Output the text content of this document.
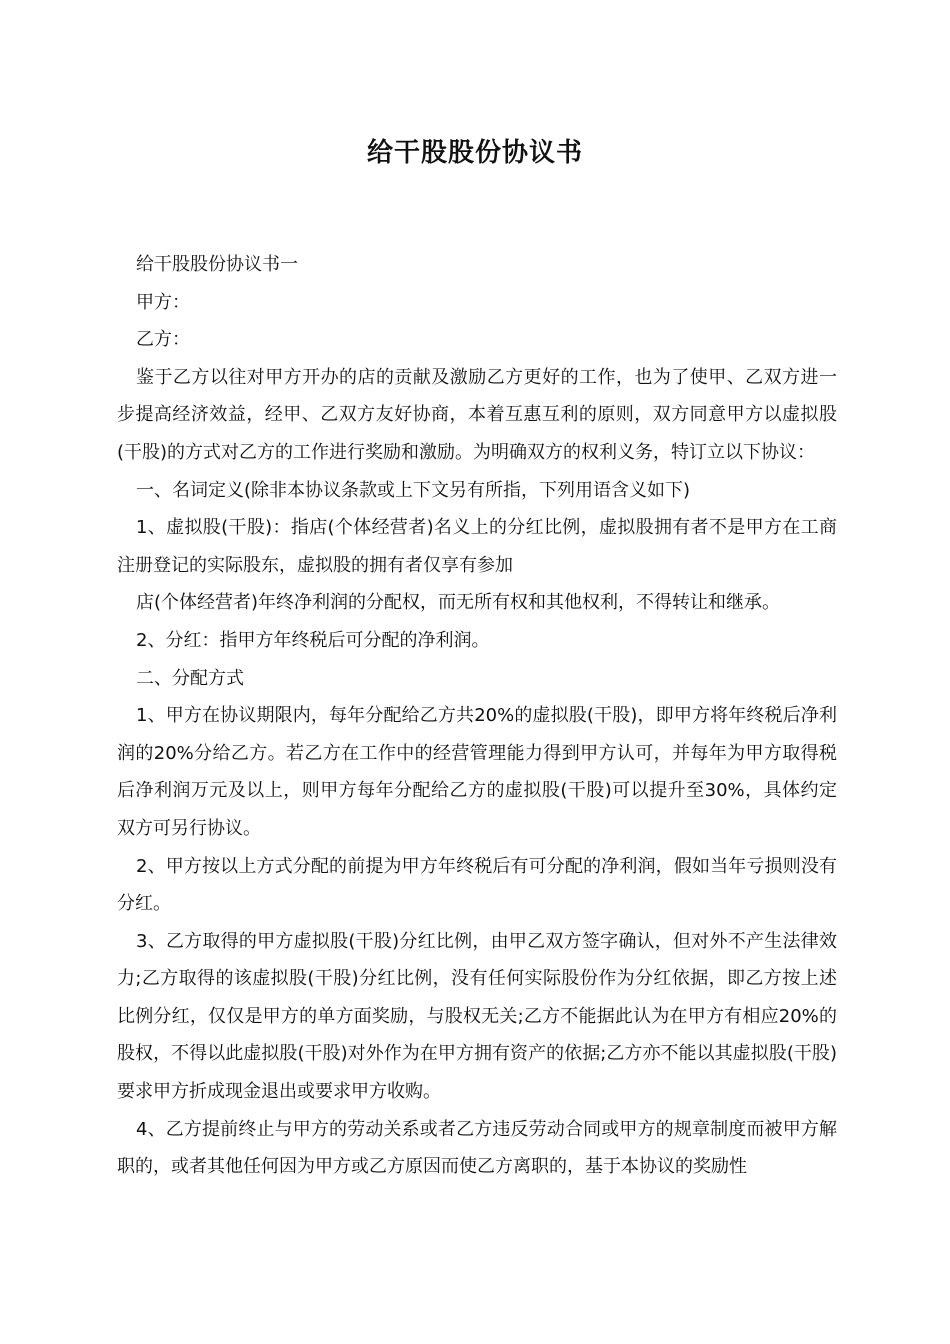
给干股股份协议书

给干股股份协议书一

甲方：

乙方：

鉴于乙方以往对甲方开办的店的贡献及激励乙方更好的工作，也为了使甲、乙双方进一步提高经济效益，经甲、乙双方友好协商，本着互惠互利的原则，双方同意甲方以虚拟股(干股)的方式对乙方的工作进行奖励和激励。为明确双方的权利义务，特订立以下协议：

一、名词定义(除非本协议条款或上下文另有所指，下列用语含义如下)

1、虚拟股(干股)：指店(个体经营者)名义上的分红比例，虚拟股拥有者不是甲方在工商注册登记的实际股东，虚拟股的拥有者仅享有参加

店(个体经营者)年终净利润的分配权，而无所有权和其他权利，不得转让和继承。

2、分红：指甲方年终税后可分配的净利润。

二、分配方式

1、甲方在协议期限内，每年分配给乙方共20%的虚拟股(干股)，即甲方将年终税后净利润的20%分给乙方。若乙方在工作中的经营管理能力得到甲方认可，并每年为甲方取得税后净利润万元及以上，则甲方每年分配给乙方的虚拟股(干股)可以提升至30%，具体约定双方可另行协议。

2、甲方按以上方式分配的前提为甲方年终税后有可分配的净利润，假如当年亏损则没有分红。

3、乙方取得的甲方虚拟股(干股)分红比例，由甲乙双方签字确认，但对外不产生法律效力;乙方取得的该虚拟股(干股)分红比例，没有任何实际股份作为分红依据，即乙方按上述比例分红，仅仅是甲方的单方面奖励，与股权无关;乙方不能据此认为在甲方有相应20%的股权，不得以此虚拟股(干股)对外作为在甲方拥有资产的依据;乙方亦不能以其虚拟股(干股)要求甲方折成现金退出或要求甲方收购。

4、乙方提前终止与甲方的劳动关系或者乙方违反劳动合同或甲方的规章制度而被甲方解职的，或者其他任何因为甲方或乙方原因而使乙方离职的，基于本协议的奖励性
